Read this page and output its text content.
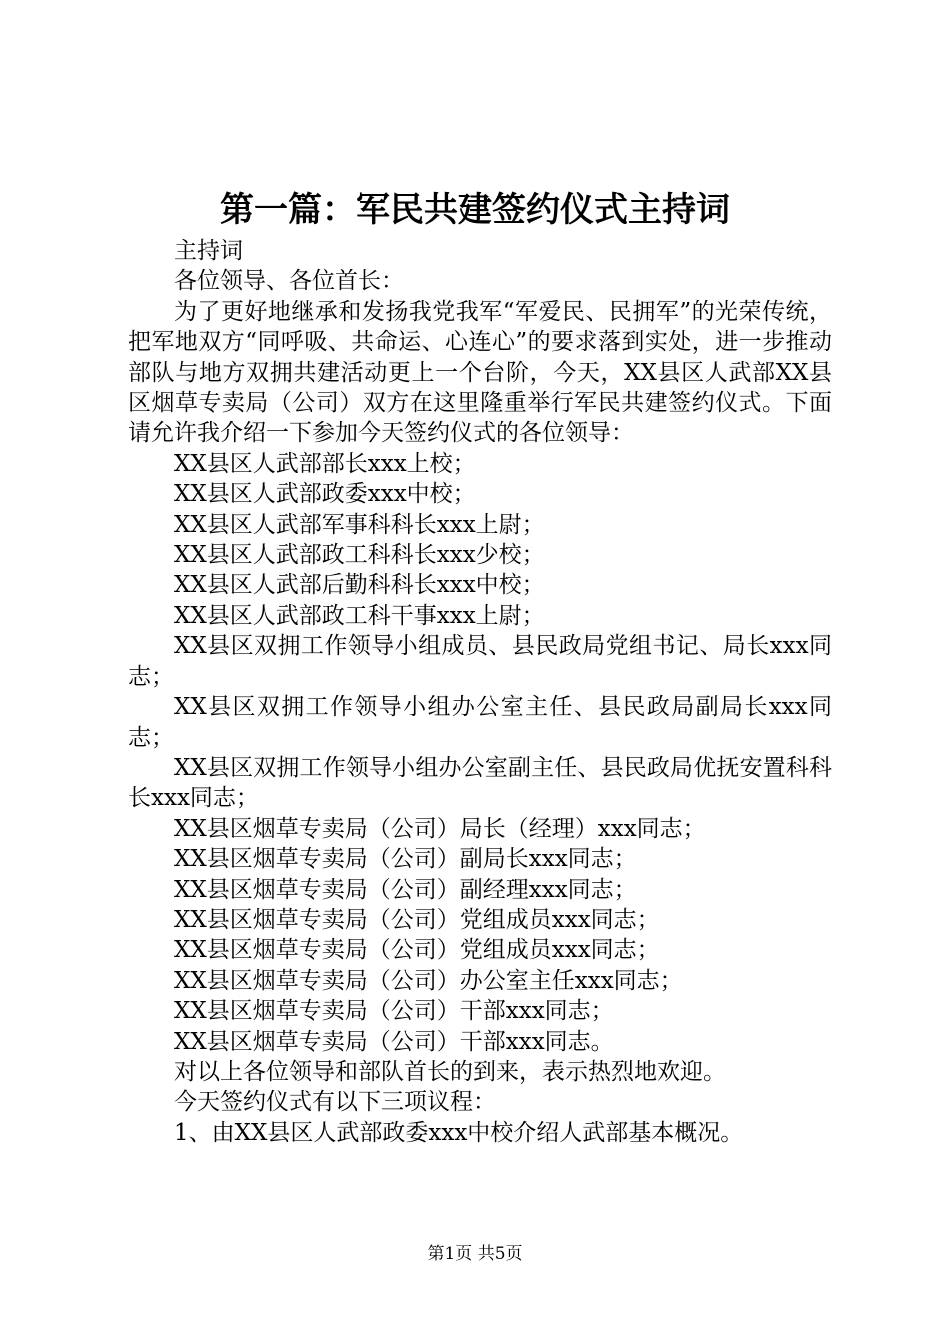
第一篇：军民共建签约仪式主持词

主持词

各位领导、各位首长：

为了更好地继承和发扬我党我军“军爱民、民拥军”的光荣传统，把军地双方“同呼吸、共命运、心连心”的要求落到实处，进一步推动部队与地方双拥共建活动更上一个台阶，今天，XX县区人武部XX县区烟草专卖局（公司）双方在这里隆重举行军民共建签约仪式。下面请允许我介绍一下参加今天签约仪式的各位领导：

XX县区人武部部长xxx上校；

XX县区人武部政委xxx中校；

XX县区人武部军事科科长xxx上尉；

XX县区人武部政工科科长xxx少校；

XX县区人武部后勤科科长xxx中校；

XX县区人武部政工科干事xxx上尉；

XX县区双拥工作领导小组成员、县民政局党组书记、局长xxx同志；

XX县区双拥工作领导小组办公室主任、县民政局副局长xxx同志；

XX县区双拥工作领导小组办公室副主任、县民政局优抚安置科科长xxx同志；

XX县区烟草专卖局（公司）局长（经理）xxx同志；

XX县区烟草专卖局（公司）副局长xxx同志；

XX县区烟草专卖局（公司）副经理xxx同志；

XX县区烟草专卖局（公司）党组成员xxx同志；

XX县区烟草专卖局（公司）党组成员xxx同志；

XX县区烟草专卖局（公司）办公室主任xxx同志；

XX县区烟草专卖局（公司）干部xxx同志；

XX县区烟草专卖局（公司）干部xxx同志。

对以上各位领导和部队首长的到来，表示热烈地欢迎。

今天签约仪式有以下三项议程：

1、由XX县区人武部政委xxx中校介绍人武部基本概况。

第1页 共5页
